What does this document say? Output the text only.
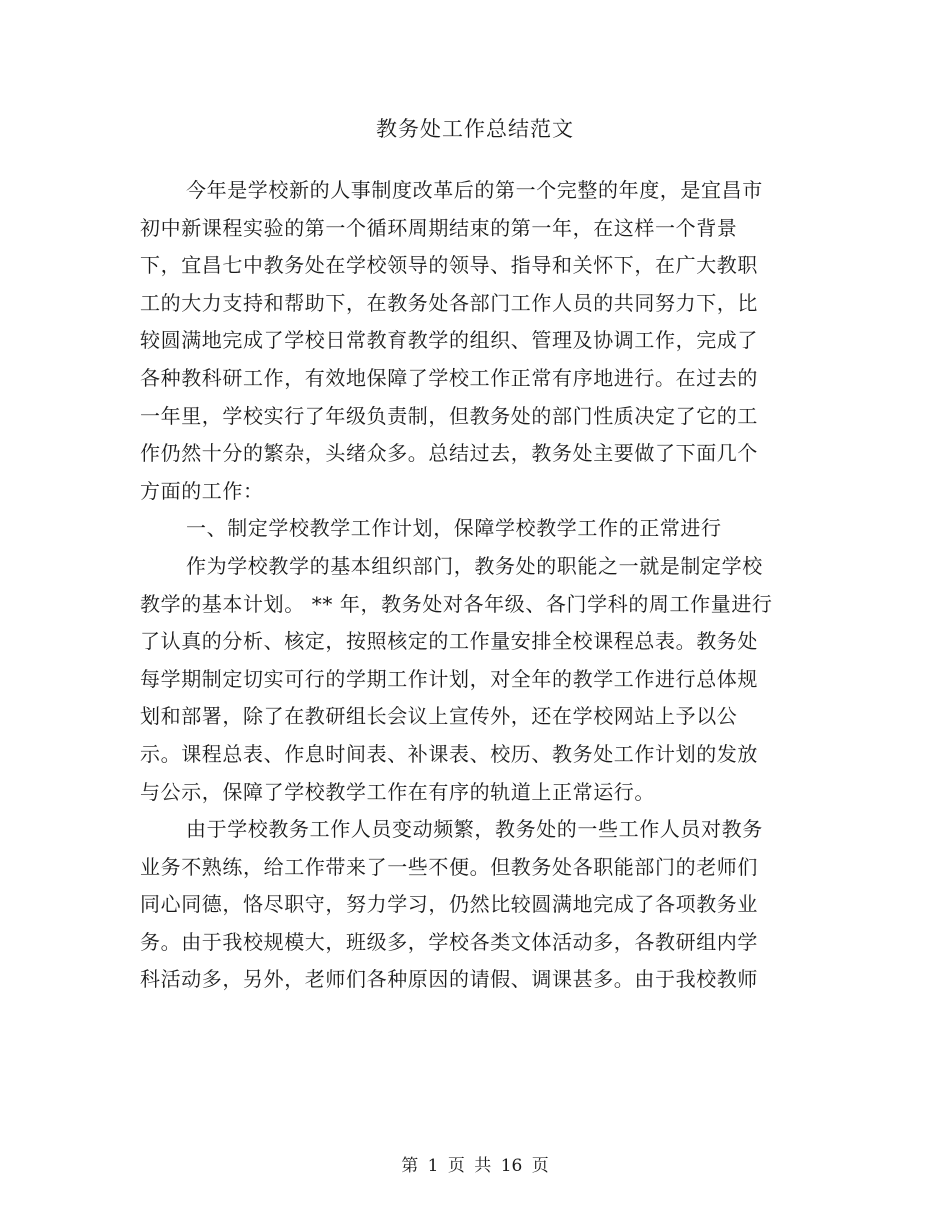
教务处工作总结范文
今年是学校新的人事制度改革后的第一个完整的年度，是宜昌市
初中新课程实验的第一个循环周期结束的第一年，在这样一个背景
下，宜昌七中教务处在学校领导的领导、指导和关怀下，在广大教职
工的大力支持和帮助下，在教务处各部门工作人员的共同努力下，比
较圆满地完成了学校日常教育教学的组织、管理及协调工作，完成了
各种教科研工作，有效地保障了学校工作正常有序地进行。在过去的
一年里，学校实行了年级负责制，但教务处的部门性质决定了它的工
作仍然十分的繁杂，头绪众多。总结过去，教务处主要做了下面几个
方面的工作：
一、制定学校教学工作计划，保障学校教学工作的正常进行
作为学校教学的基本组织部门，教务处的职能之一就是制定学校
教学的基本计划。 ** 年，教务处对各年级、各门学科的周工作量进行
了认真的分析、核定，按照核定的工作量安排全校课程总表。教务处
每学期制定切实可行的学期工作计划，对全年的教学工作进行总体规
划和部署，除了在教研组长会议上宣传外，还在学校网站上予以公
示。课程总表、作息时间表、补课表、校历、教务处工作计划的发放
与公示，保障了学校教学工作在有序的轨道上正常运行。
由于学校教务工作人员变动频繁，教务处的一些工作人员对教务
业务不熟练，给工作带来了一些不便。但教务处各职能部门的老师们
同心同德，恪尽职守，努力学习，仍然比较圆满地完成了各项教务业
务。由于我校规模大，班级多，学校各类文体活动多，各教研组内学
科活动多，另外，老师们各种原因的请假、调课甚多。由于我校教师
第 1 页 共 16 页
